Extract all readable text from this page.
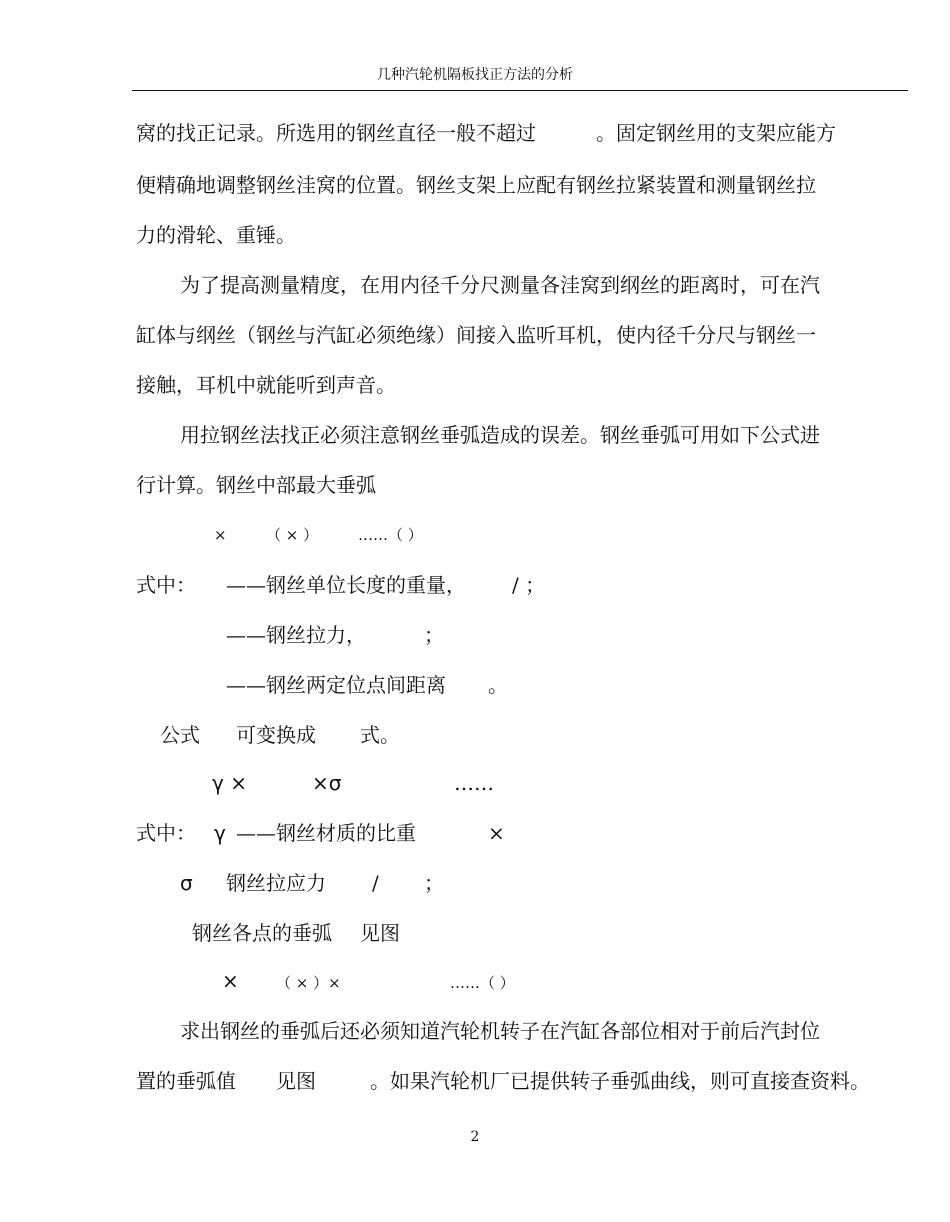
几种汽轮机隔板找正方法的分析
窝的找正记录。所选用的钢丝直径一般不超过　　　。固定钢丝用的支架应能方
便精确地调整钢丝洼窝的位置。钢丝支架上应配有钢丝拉紧装置和测量钢丝拉
力的滑轮、重锤。
为了提高测量精度，在用内径千分尺测量各洼窝到纲丝的距离时，可在汽
缸体与纲丝（钢丝与汽缸必须绝缘）间接入监听耳机，使内径千分尺与钢丝一
接触，耳机中就能听到声音。
用拉钢丝法找正必须注意钢丝垂弧造成的误差。钢丝垂弧可用如下公式进
行计算。钢丝中部最大垂弧
×	（ × ）	……（ ）
式中： ——钢丝单位长度的重量， / ；
——钢丝拉力，	；
——钢丝两定位点间距离 。
公式 可变换成 式。
γ ×	×σ	……
式中： γ ——钢丝材质的比重	×
σ 钢丝拉应力 / ；
钢丝各点的垂弧 见图
× （ × ）×	……（ ）
求出钢丝的垂弧后还必须知道汽轮机转子在汽缸各部位相对于前后汽封位
置的垂弧值 见图	。如果汽轮机厂已提供转子垂弧曲线，则可直接查资料。
2
